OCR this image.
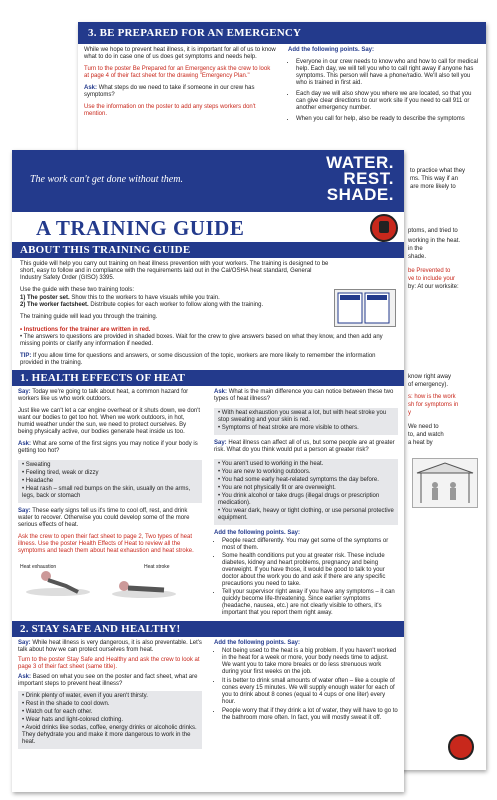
3. BE PREPARED FOR AN EMERGENCY

While we hope to prevent heat illness, it is important for all of us to know what to do in case one of us does get symptoms and needs help.

Turn to the poster Be Prepared for an Emergency ask the crew to look at page 4 of their fact sheet for the drawing "Emergency Plan."

Ask: What steps do we need to take if someone in our crew has symptoms?

Use the information on the poster to add any steps workers don't mention.

Add the following points. Say:

• Everyone in our crew needs to know who and how to call for medical help. Each day, we will tell you who to call right away if anyone has symptoms. This person will have a phone/radio. We'll also tell you who is trained in first aid.
• Each day we will also show you where we are located, so that you can give clear directions to our work site if you need to call 911 or another emergency number.
• When you call for help, also be ready to describe the symptoms
to practice what they
ms. This way if an
are more likely to
ptoms, and tried to
working in the heat.
in the
shade.
be Prevented to
ve to include your
by: At our worksite:
know right away
of emergency).
s: how is the work
sh for symptoms in
y
We need to
to, and watch
a heat by
The work can't get done without them.
WATER.
REST.
SHADE.
A TRAINING GUIDE
ABOUT THIS TRAINING GUIDE

This guide will help you carry out training on heat illness prevention with your workers. The training is designed to be short, easy to follow and in compliance with the requirements laid out in the Cal/OSHA heat standard, General Industry Safety Order (GISO) 3395.

Use the guide with these two training tools:

1) The poster set. Show this to the workers to have visuals while you train.
2) The worker factsheet. Distribute copies for each worker to follow along with the training.

The training guide will lead you through the training.

• Instructions for the trainer are written in red.
• The answers to questions are provided in shaded boxes. Wait for the crew to give answers based on what they know, and then add any missing points or clarify any information if needed.
TIP: If you allow time for questions and answers, or some discussion of the topic, workers are more likely to remember the information provided in the training.
1. HEALTH EFFECTS OF HEAT

Say: Today we're going to talk about heat, a common hazard for workers like us who work outdoors.

Just like we can't let a car engine overheat or it shuts down, we don't want our bodies to get too hot. When we work outdoors, in hot, humid weather under the sun, we need to protect ourselves. By being physically active, our bodies generate heat inside us too.

Ask: What are some of the first signs you may notice if your body is getting too hot?

• Sweating
• Feeling tired, weak or dizzy
• Headache
• Heat rash – small red bumps on the skin, usually on the arms, legs, back or stomach

Say: These early signs tell us it's time to cool off, rest, and drink water to recover. Otherwise you could develop some of the more serious effects of heat.

Ask the crew to open their fact sheet to page 2, Two types of heat illness. Use the poster Health Effects of Heat to review all the symptoms and teach them about heat exhaustion and heat stroke.

Heat exhaustion	Heat stroke

Ask: What is the main difference you can notice between these two types of heat illness?

• With heat exhaustion you sweat a lot, but with heat stroke you stop sweating and your skin is red.
• Symptoms of heat stroke are more visible to others.

Say: Heat illness can affect all of us, but some people are at greater risk. What do you think would put a person at greater risk?

• You aren't used to working in the heat.
• You are new to working outdoors.
• You had some early heat-related symptoms the day before.
• You are not physically fit or are overweight.
• You drink alcohol or take drugs (illegal drugs or prescription medication).
• You wear dark, heavy or tight clothing, or use personal protective equipment.

Add the following points. Say:

• People react differently. You may get some of the symptoms or most of them.
• Some health conditions put you at greater risk. These include diabetes, kidney and heart problems, pregnancy and being overweight. If you have those, it would be good to talk to your doctor about the work you do and ask if there are any specific precautions you need to take.
• Tell your supervisor right away if you have any symptoms – it can quickly become life-threatening. Since earlier symptoms (headache, nausea, etc.) are not clearly visible to others, it's important that you report them right away.
2. STAY SAFE AND HEALTHY!

Say: While heat illness is very dangerous, it is also preventable. Let's talk about how we can protect ourselves from heat.

Turn to the poster Stay Safe and Healthy and ask the crew to look at page 3 of their fact sheet (same title).

Ask: Based on what you see on the poster and fact sheet, what are important steps to prevent heat illness?

• Drink plenty of water, even if you aren't thirsty.
• Rest in the shade to cool down.
• Watch out for each other.
• Wear hats and light-colored clothing.
• Avoid drinks like sodas, coffee, energy drinks or alcoholic drinks. They dehydrate you and make it more dangerous to work in the heat.

Add the following points. Say:

• Not being used to the heat is a big problem. If you haven't worked in the heat for a week or more, your body needs time to adjust. We want you to take more breaks or do less strenuous work during your first weeks on the job.
• It is better to drink small amounts of water often – like a couple of cones every 15 minutes. We will supply enough water for each of you to drink about 8 cones (equal to 4 cups or one liter) every hour.
• People worry that if they drink a lot of water, they will have to go to the bathroom more often. In fact, you will mostly sweat it off.
